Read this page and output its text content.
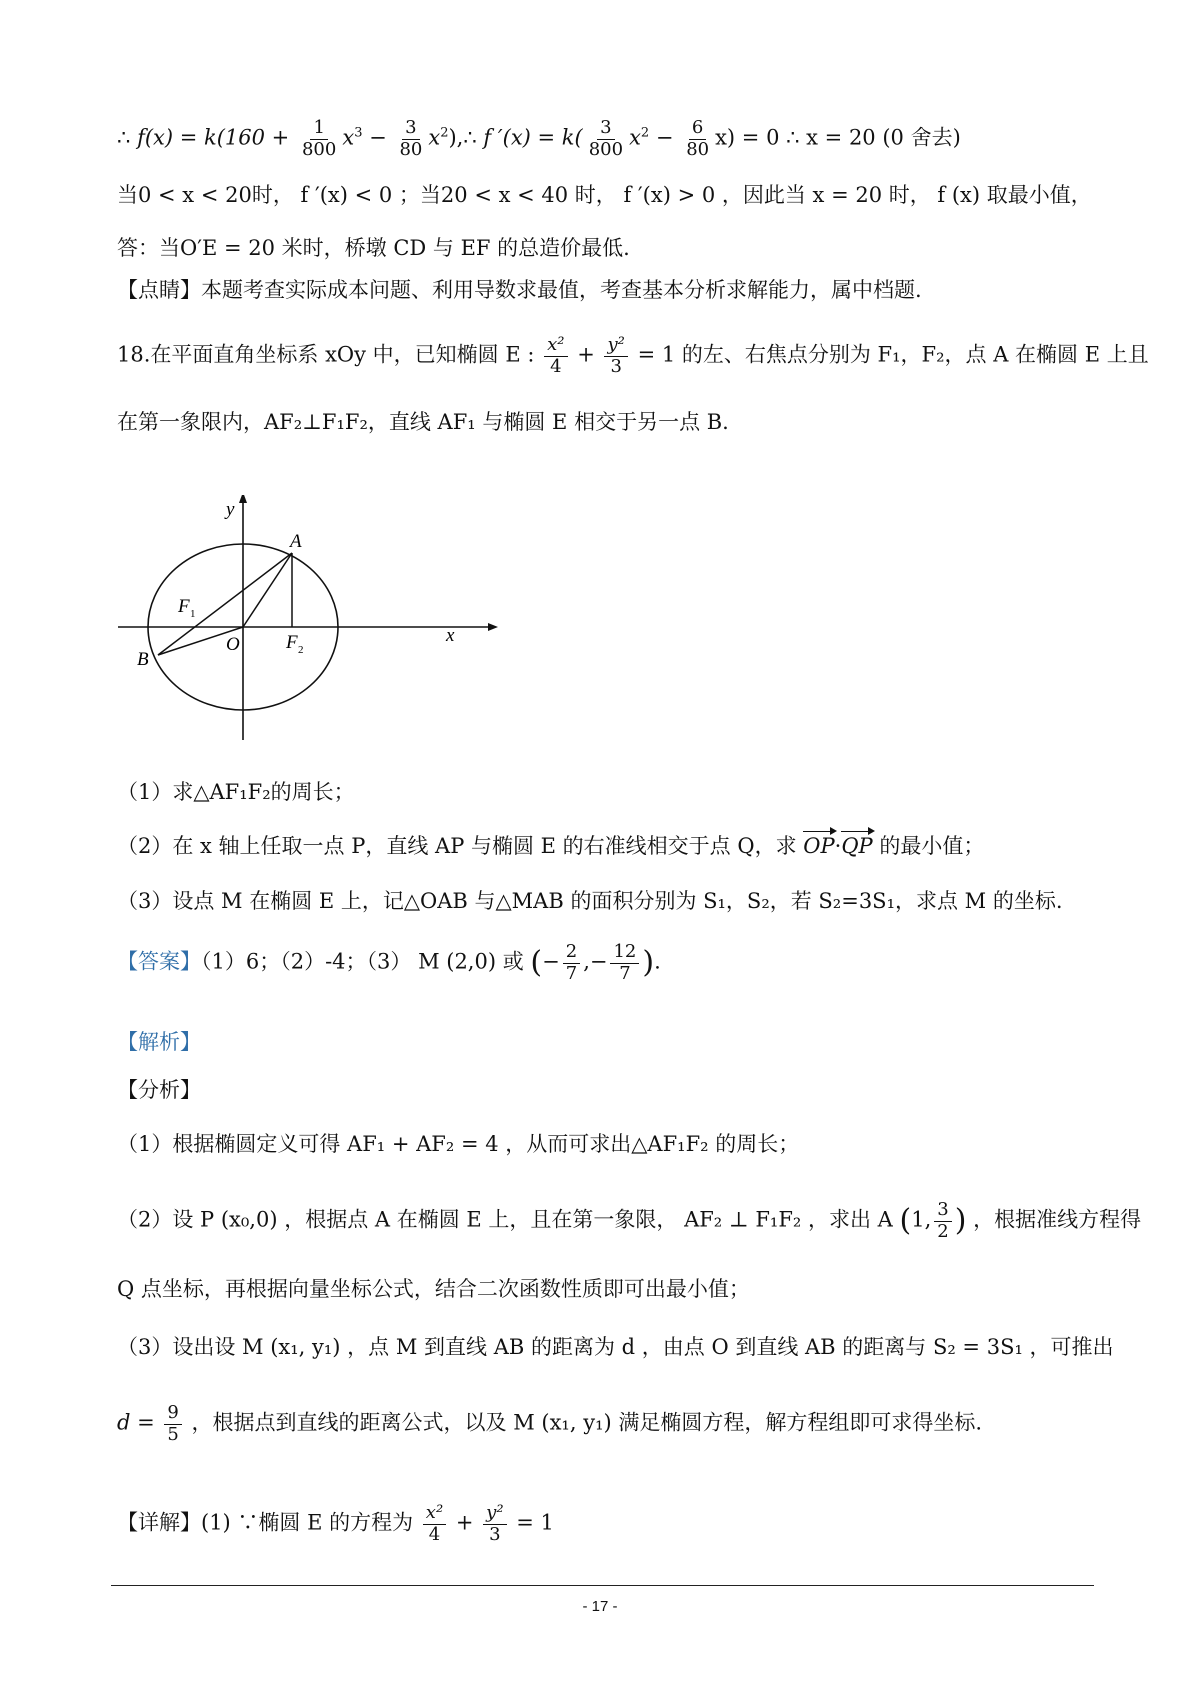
∴ $f(x) = k(160 + \frac{1}{800} x^3 - \frac{3}{80}$ $x^2),\therefore$ f $'(x) = k( \frac{3}{800} x^2 - \frac{6}{80} x) = 0$ ∴ x = 20 (0 舍去)
当0 < x < 20时， f ′(x) < 0 ；当20 < x < 40 时， f ′(x) > 0 ，因此当 x = 20 时， f (x) 取最小值，
答：当O′E = 20 米时，桥墩 CD 与 EF 的总造价最低.
【点睛】本题考查实际成本问题、利用导数求最值，考查基本分析求解能力，属中档题.
18.在平面直角坐标系 xOy 中，已知椭圆 E : $\frac{\text{x²}}{4} + \frac{\text{y²}}{3} = 1$ 的左、右焦点分别为 F₁，F₂，点 A 在椭圆 E 上且
在第一象限内，AF₂⊥F₁F₂，直线 AF₁ 与椭圆 E 相交于另一点 B.
y
x
A
B
O
F 1
F 2
（1）求△AF₁F₂的周长；
（2）在 x 轴上任取一点 P，直线 AP 与椭圆 E 的右准线相交于点 Q，求 OP·QP 的最小值；
（3）设点 M 在椭圆 E 上，记△OAB 与△MAB 的面积分别为 S₁，S₂，若 S₂=3S₁，求点 M 的坐标.
【答案】（1）6；（2）-4；（3） M (2,0) 或 (− $\frac{2}{7}$ ,− $\frac{12}{7}$ ).
【解析】
【分析】
（1）根据椭圆定义可得 AF₁ + AF₂ = 4 ，从而可求出△AF₁F₂ 的周长；
（2）设 P (x₀,0) ，根据点 A 在椭圆 E 上，且在第一象限， AF₂ ⊥ F₁F₂ ，求出 A (1, $\frac{3}{2}$ ) ，根据准线方程得
Q 点坐标，再根据向量坐标公式，结合二次函数性质即可出最小值；
（3）设出设 M (x₁, y₁) ，点 M 到直线 AB 的距离为 d ，由点 O 到直线 AB 的距离与 S₂ = 3S₁ ，可推出
$d = \frac{9}{5}$ ，根据点到直线的距离公式，以及 M (x₁, y₁) 满足椭圆方程，解方程组即可求得坐标.
【详解】(1) ∵椭圆 E 的方程为 $\frac{\text{x²}}{4} + \frac{\text{y²}}{3} = 1$
- 17 -
